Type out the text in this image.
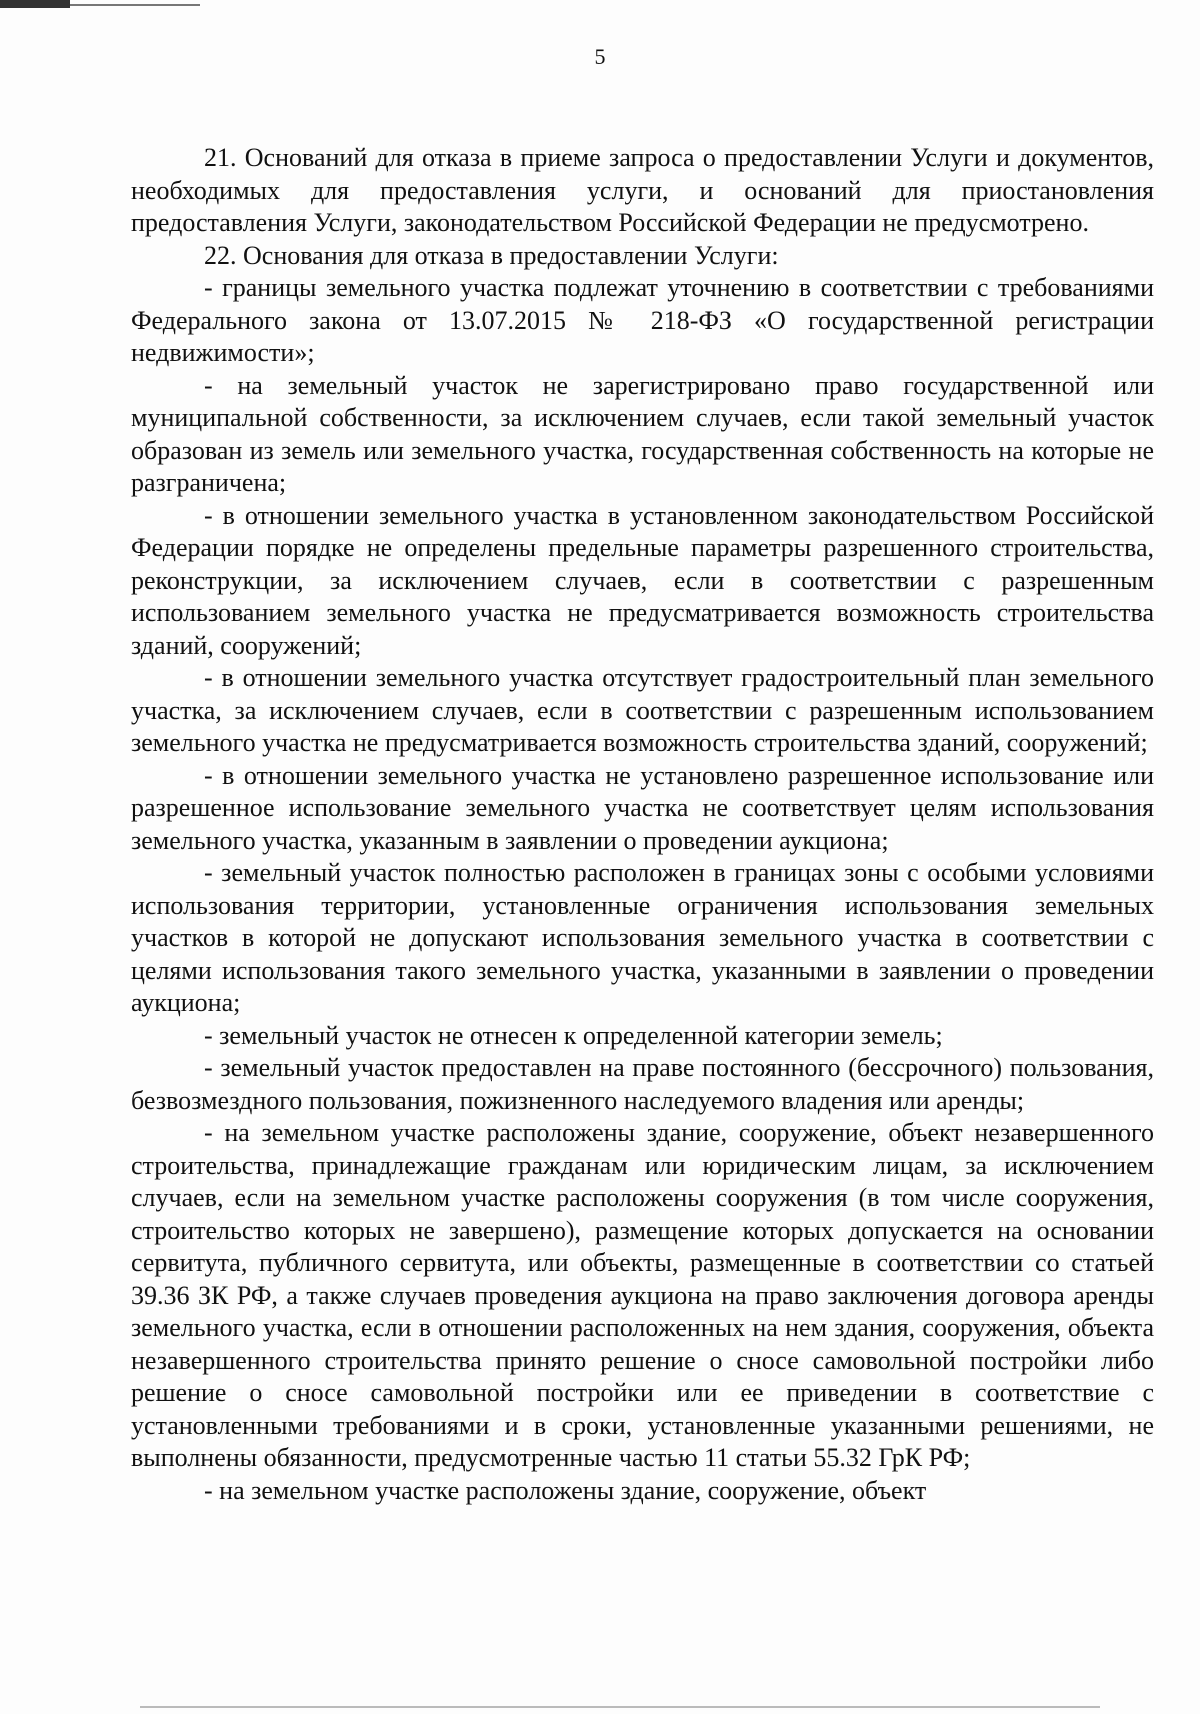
5

21. Оснований для отказа в приеме запроса о предоставлении Услуги и документов, необходимых для предоставления услуги, и оснований для приостановления предоставления Услуги, законодательством Российской Федерации не предусмотрено.

22. Основания для отказа в предоставлении Услуги:

- границы земельного участка подлежат уточнению в соответствии с требованиями Федерального закона от 13.07.2015 № 218-ФЗ «О государственной регистрации недвижимости»;

- на земельный участок не зарегистрировано право государственной или муниципальной собственности, за исключением случаев, если такой земельный участок образован из земель или земельного участка, государственная собственность на которые не разграничена;

- в отношении земельного участка в установленном законодательством Российской Федерации порядке не определены предельные параметры разрешенного строительства, реконструкции, за исключением случаев, если в соответствии с разрешенным использованием земельного участка не предусматривается возможность строительства зданий, сооружений;

- в отношении земельного участка отсутствует градостроительный план земельного участка, за исключением случаев, если в соответствии с разрешенным использованием земельного участка не предусматривается возможность строительства зданий, сооружений;

- в отношении земельного участка не установлено разрешенное использование или разрешенное использование земельного участка не соответствует целям использования земельного участка, указанным в заявлении о проведении аукциона;

- земельный участок полностью расположен в границах зоны с особыми условиями использования территории, установленные ограничения использования земельных участков в которой не допускают использования земельного участка в соответствии с целями использования такого земельного участка, указанными в заявлении о проведении аукциона;

- земельный участок не отнесен к определенной категории земель;

- земельный участок предоставлен на праве постоянного (бессрочного) пользования, безвозмездного пользования, пожизненного наследуемого владения или аренды;

- на земельном участке расположены здание, сооружение, объект незавершенного строительства, принадлежащие гражданам или юридическим лицам, за исключением случаев, если на земельном участке расположены сооружения (в том числе сооружения, строительство которых не завершено), размещение которых допускается на основании сервитута, публичного сервитута, или объекты, размещенные в соответствии со статьей 39.36 ЗК РФ, а также случаев проведения аукциона на право заключения договора аренды земельного участка, если в отношении расположенных на нем здания, сооружения, объекта незавершенного строительства принято решение о сносе самовольной постройки либо решение о сносе самовольной постройки или ее приведении в соответствие с установленными требованиями и в сроки, установленные указанными решениями, не выполнены обязанности, предусмотренные частью 11 статьи 55.32 ГрК РФ;

- на земельном участке расположены здание, сооружение, объект
